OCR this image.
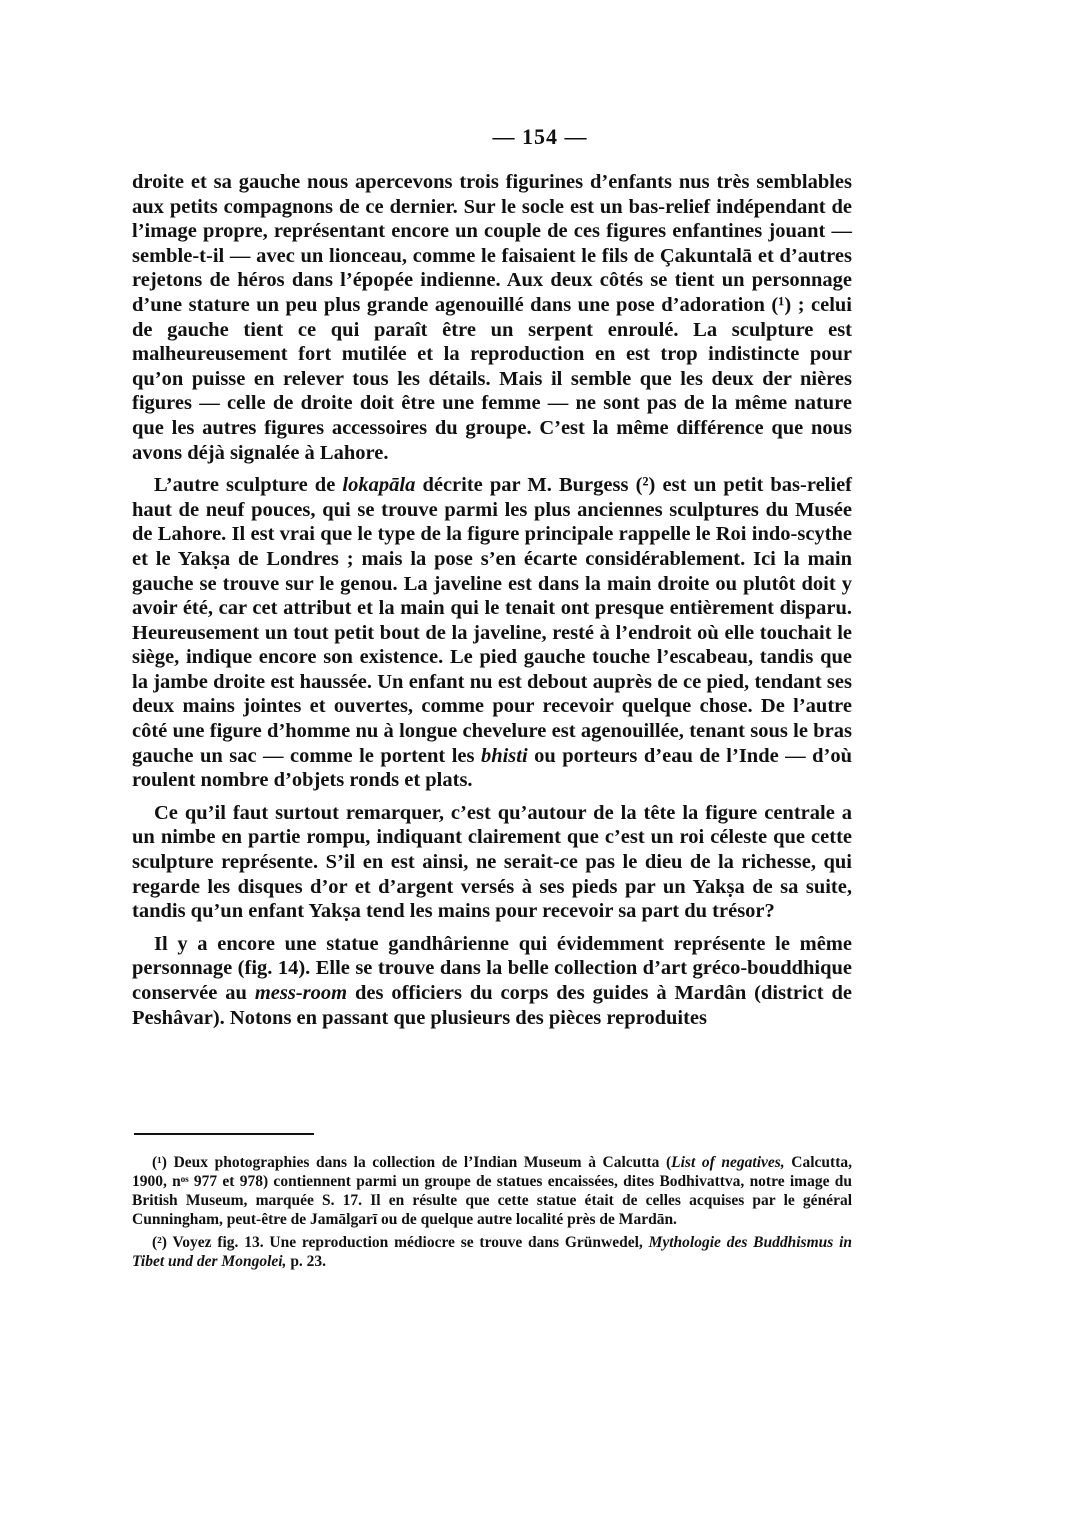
— 154 —

droite et sa gauche nous apercevons trois figurines d’enfants nus très semblables aux petits compagnons de ce dernier. Sur le socle est un bas-relief indépendant de l’image propre, représentant encore un couple de ces figures enfantines jouant — semble-t-il — avec un lionceau, comme le faisaient le fils de Çakuntalā et d’autres rejetons de héros dans l’épopée indienne. Aux deux côtés se tient un personnage d’une stature un peu plus grande agenouillé dans une pose d’adoration (¹) ; celui de gauche tient ce qui paraît être un serpent enroulé. La sculpture est malheureusement fort mutilée et la reproduction en est trop indistincte pour qu’on puisse en relever tous les détails. Mais il semble que les deux der nières figures — celle de droite doit être une femme — ne sont pas de la même nature que les autres figures accessoires du groupe. C’est la même différence que nous avons déjà signalée à Lahore.

L’autre sculpture de lokapāla décrite par M. Burgess (²) est un petit bas-relief haut de neuf pouces, qui se trouve parmi les plus anciennes sculptures du Musée de Lahore. Il est vrai que le type de la figure principale rappelle le Roi indo-scythe et le Yakṣa de Londres ; mais la pose s’en écarte considérablement. Ici la main gauche se trouve sur le genou. La javeline est dans la main droite ou plutôt doit y avoir été, car cet attribut et la main qui le tenait ont presque entièrement disparu. Heureusement un tout petit bout de la javeline, resté à l’endroit où elle touchait le siège, indique encore son existence. Le pied gauche touche l’escabeau, tandis que la jambe droite est haussée. Un enfant nu est debout auprès de ce pied, tendant ses deux mains jointes et ouvertes, comme pour recevoir quelque chose. De l’autre côté une figure d’homme nu à longue chevelure est agenouillée, tenant sous le bras gauche un sac — comme le portent les bhisti ou porteurs d’eau de l’Inde — d’où roulent nombre d’objets ronds et plats.

Ce qu’il faut surtout remarquer, c’est qu’autour de la tête la figure centrale a un nimbe en partie rompu, indiquant clairement que c’est un roi céleste que cette sculpture représente. S’il en est ainsi, ne serait-ce pas le dieu de la richesse, qui regarde les disques d’or et d’argent versés à ses pieds par un Yakṣa de sa suite, tandis qu’un enfant Yakṣa tend les mains pour recevoir sa part du trésor?

Il y a encore une statue gandhârienne qui évidemment représente le même personnage (fig. 14). Elle se trouve dans la belle collection d’art gréco-bouddhique conservée au mess-room des officiers du corps des guides à Mardân (district de Peshâvar). Notons en passant que plusieurs des pièces reproduites

(¹) Deux photographies dans la collection de l’Indian Museum à Calcutta (List of negatives, Calcutta, 1900, nᵒˢ 977 et 978) contiennent parmi un groupe de statues encaissées, dites Bodhivattva, notre image du British Museum, marquée S. 17. Il en résulte que cette statue était de celles acquises par le général Cunningham, peut-être de Jamālgarī ou de quelque autre localité près de Mardān.

(²) Voyez fig. 13. Une reproduction médiocre se trouve dans Grünwedel, Mythologie des Buddhismus in Tibet und der Mongolei, p. 23.
